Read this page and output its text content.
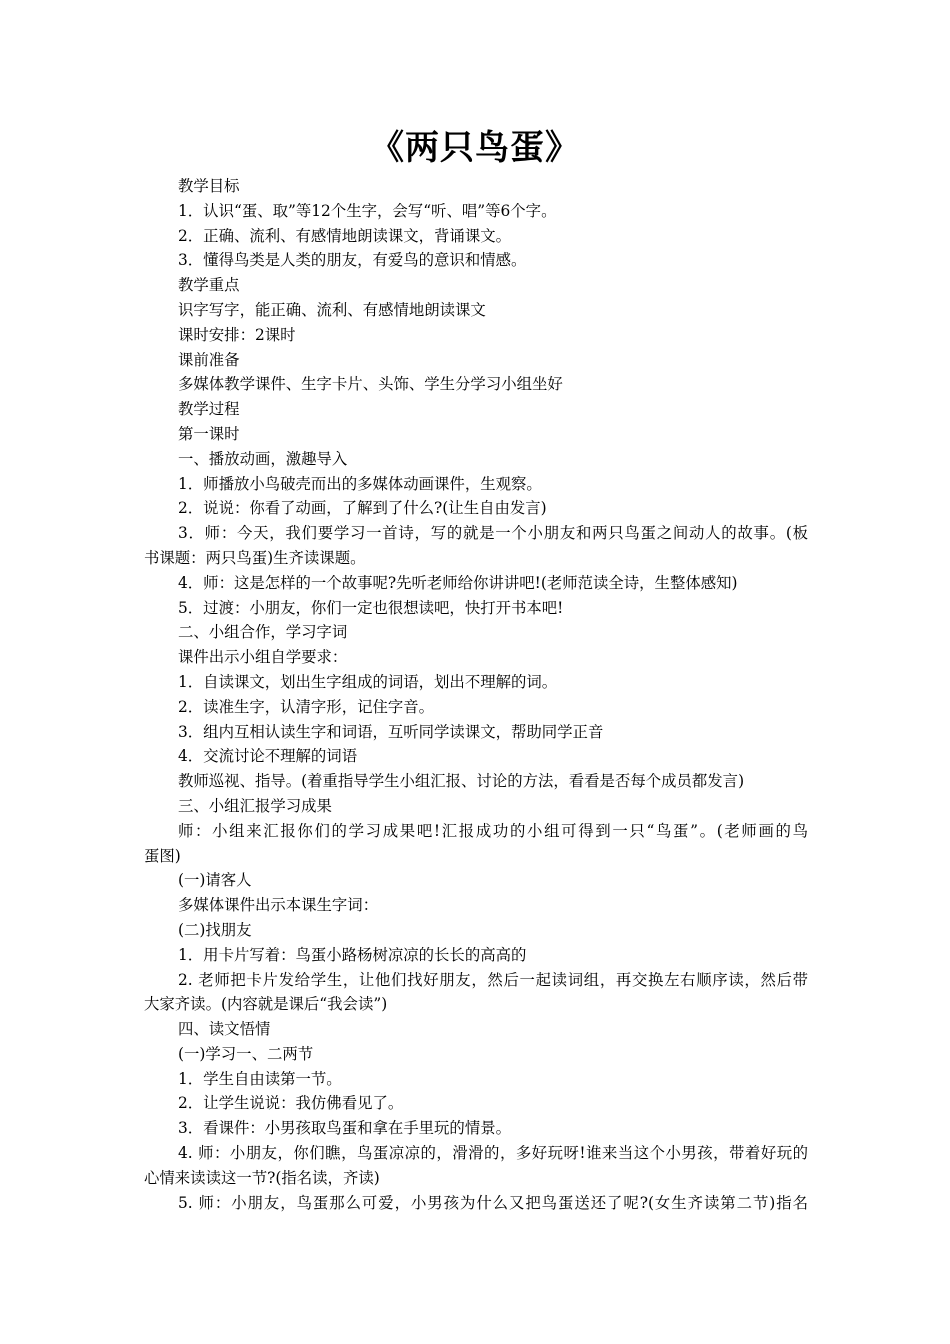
《两只鸟蛋》
教学目标
1．认识“蛋、取”等12个生字，会写“听、唱”等6个字。
2．正确、流利、有感情地朗读课文，背诵课文。
3．懂得鸟类是人类的朋友，有爱鸟的意识和情感。
教学重点
识字写字，能正确、流利、有感情地朗读课文
课时安排：2课时
课前准备
多媒体教学课件、生字卡片、头饰、学生分学习小组坐好
教学过程
第一课时
一、播放动画，激趣导入
1．师播放小鸟破壳而出的多媒体动画课件，生观察。
2．说说：你看了动画，了解到了什么?(让生自由发言)
3．师：今天，我们要学习一首诗，写的就是一个小朋友和两只鸟蛋之间动人的故事。(板
书课题：两只鸟蛋)生齐读课题。
4．师：这是怎样的一个故事呢?先听老师给你讲讲吧!(老师范读全诗，生整体感知)
5．过渡：小朋友，你们一定也很想读吧，快打开书本吧!
二、小组合作，学习字词
课件出示小组自学要求：
1．自读课文，划出生字组成的词语，划出不理解的词。
2．读准生字，认清字形，记住字音。
3．组内互相认读生字和词语，互听同学读课文，帮助同学正音
4．交流讨论不理解的词语
教师巡视、指导。(着重指导学生小组汇报、讨论的方法，看看是否每个成员都发言)
三、小组汇报学习成果
师：小组来汇报你们的学习成果吧!汇报成功的小组可得到一只“鸟蛋”。(老师画的鸟
蛋图)
(一)请客人
多媒体课件出示本课生字词：
(二)找朋友
1．用卡片写着：鸟蛋小路杨树凉凉的长长的高高的
2. 老师把卡片发给学生，让他们找好朋友，然后一起读词组，再交换左右顺序读，然后带
大家齐读。(内容就是课后“我会读”)
四、读文悟情
(一)学习一、二两节
1．学生自由读第一节。
2．让学生说说：我仿佛看见了。
3．看课件：小男孩取鸟蛋和拿在手里玩的情景。
4. 师：小朋友，你们瞧，鸟蛋凉凉的，滑滑的，多好玩呀!谁来当这个小男孩，带着好玩的
心情来读读这一节?(指名读，齐读)
5. 师：小朋友，鸟蛋那么可爱，小男孩为什么又把鸟蛋送还了呢?(女生齐读第二节)指名
